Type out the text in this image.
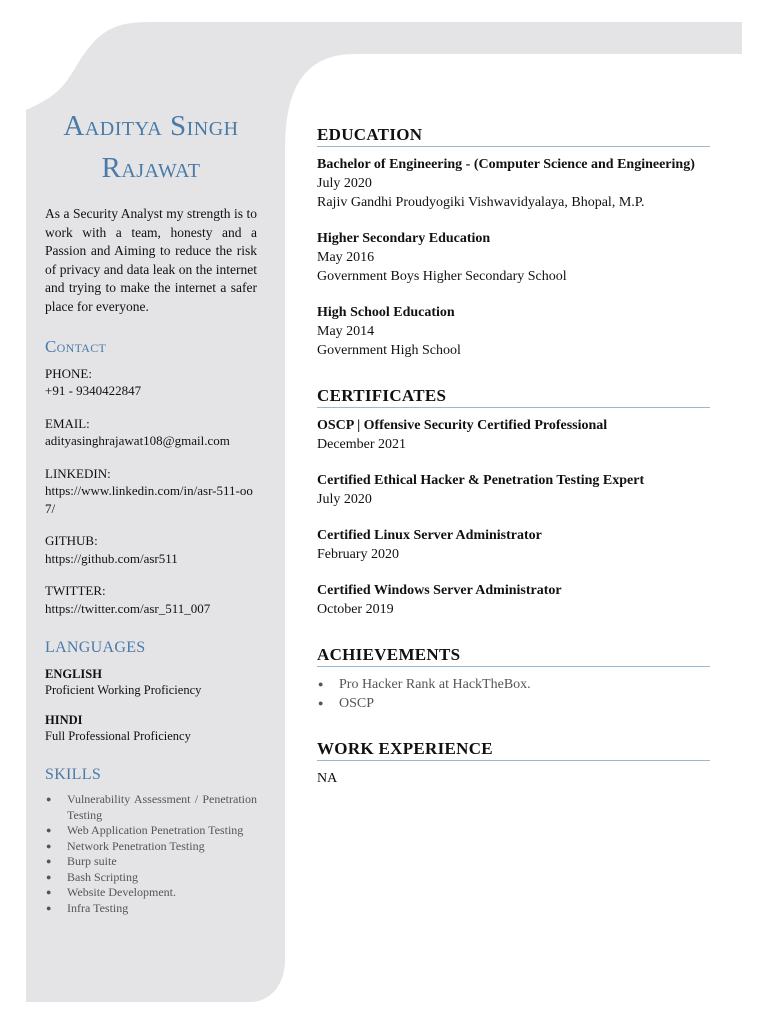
Aaditya Singh
Rajawat

As a Security Analyst my strength is to work with a team, honesty and a Passion and Aiming to reduce the risk of privacy and data leak on the internet and trying to make the internet a safer place for everyone.

Contact
PHONE:
+91 - 9340422847
EMAIL:
adityasinghrajawat108@gmail.com
LINKEDIN:
https://www.linkedin.com/in/asr-511-oo7/
GITHUB:
https://github.com/asr511
TWITTER:
https://twitter.com/asr_511_007
LANGUAGES
ENGLISH
Proficient Working Proficiency
HINDI
Full Professional Proficiency
SKILLS
● Vulnerability Assessment / Penetration Testing
● Web Application Penetration Testing
● Network Penetration Testing
● Burp suite
● Bash Scripting
● Website Development.
● Infra Testing
EDUCATION
Bachelor of Engineering - (Computer Science and Engineering)
July 2020
Rajiv Gandhi Proudyogiki Vishwavidyalaya, Bhopal, M.P.
Higher Secondary Education
May 2016
Government Boys Higher Secondary School
High School Education
May 2014
Government High School
CERTIFICATES
OSCP | Offensive Security Certified Professional
December 2021
Certified Ethical Hacker & Penetration Testing Expert
July 2020
Certified Linux Server Administrator
February 2020
Certified Windows Server Administrator
October 2019
ACHIEVEMENTS
● Pro Hacker Rank at HackTheBox.
● OSCP
WORK EXPERIENCE
NA
